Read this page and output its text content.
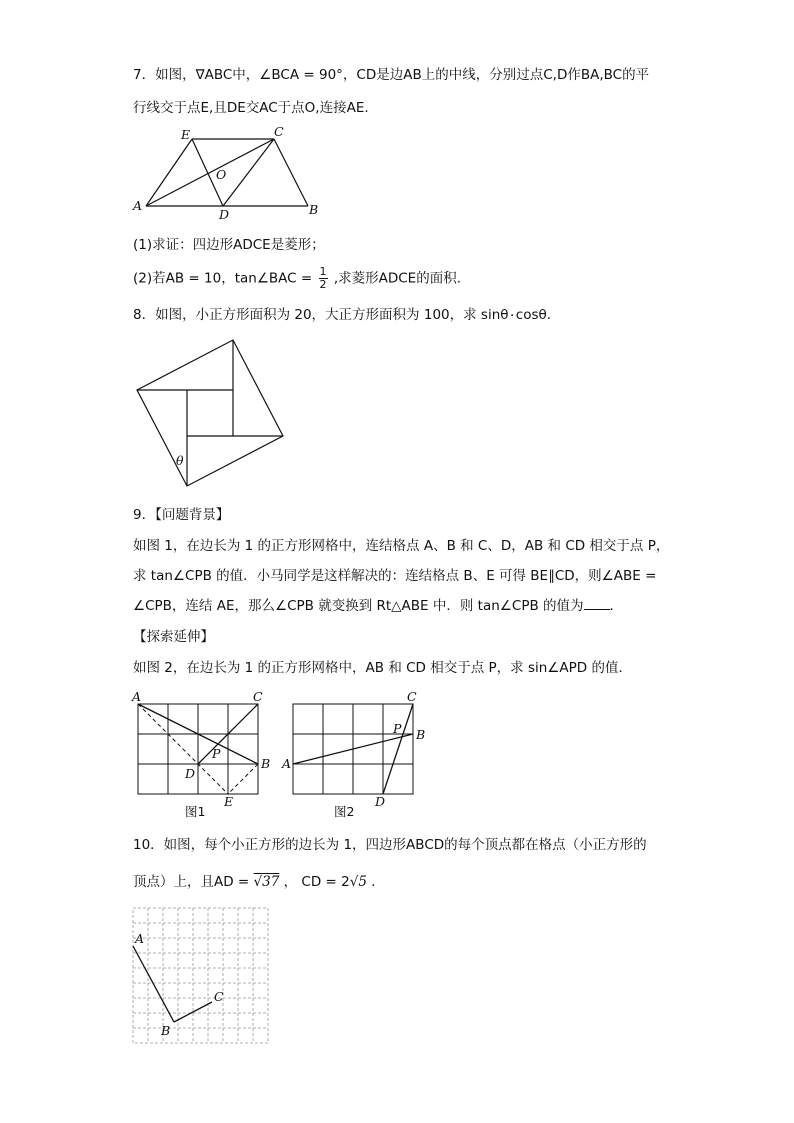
7．如图，∇ABC中，∠BCA = 90°，CD是边AB上的中线，分别过点C,D作BA,BC的平
行线交于点E,且DE交AC于点O,连接AE.
A	B
C
D
E
O
(1)求证：四边形ADCE是菱形；
(2)若AB = 10，tan∠BAC = $\frac{1}{2}$ ,求菱形ADCE的面积.
8．如图，小正方形面积为 20，大正方形面积为 100，求 sinθ٠cosθ．
θ
9．【问题背景】
如图 1，在边长为 1 的正方形网格中，连结格点 A、B 和 C、D，AB 和 CD 相交于点 P，
求 tan∠CPB 的值．小马同学是这样解决的：连结格点 B、E 可得 BE∥CD，则∠ABE =
∠CPB，连结 AE，那么∠CPB 就变换到 Rt△ABE 中．则 tan∠CPB 的值为 ．
【探索延伸】
如图 2，在边长为 1 的正方形网格中，AB 和 CD 相交于点 P，求 sin∠APD 的值．
A	C
B
D
P
E
图1
A
C
B
P
D
图2
10．如图，每个小正方形的边长为 1，四边形ABCD的每个顶点都在格点（小正方形的
顶点）上，且AD = √37 ， CD = 2√5 ．
A
B
C
